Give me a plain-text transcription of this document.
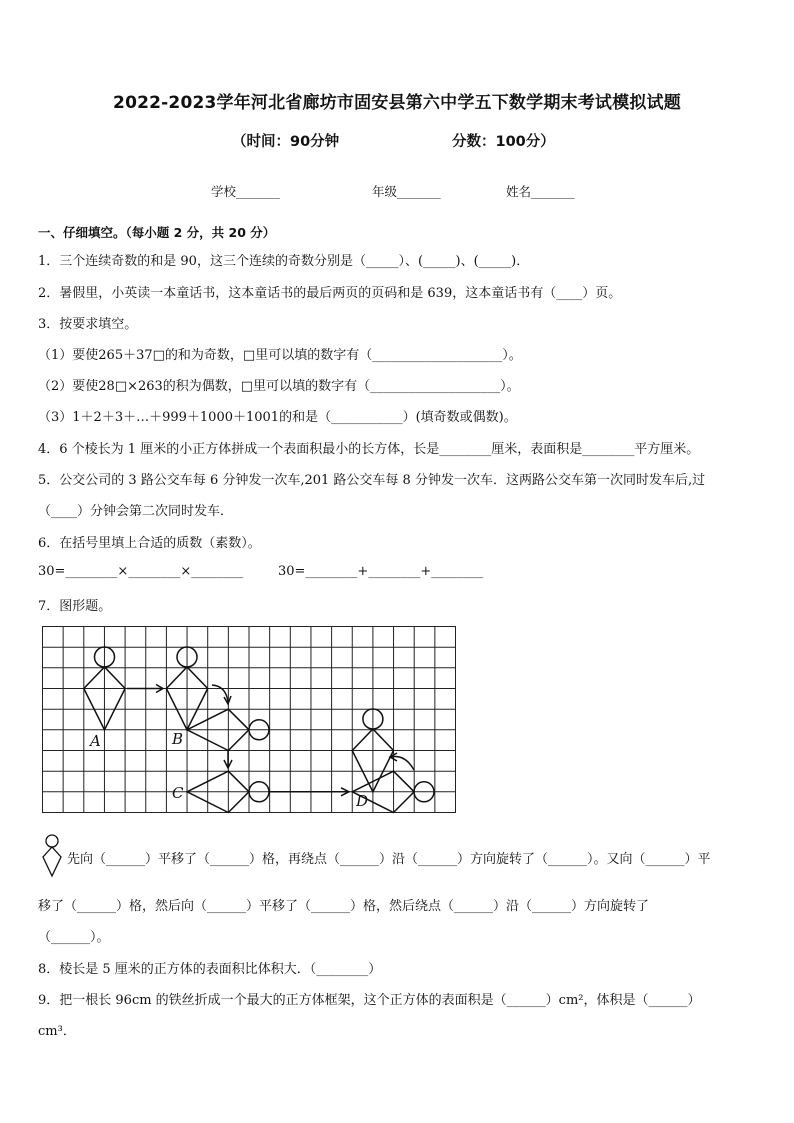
2022-2023学年河北省廊坊市固安县第六中学五下数学期末考试模拟试题
（时间：90分钟	分数：100分）
学校_______	年级_______	姓名_______
一、仔细填空。（每小题 2 分，共 20 分）
1．三个连续奇数的和是 90，这三个连续的奇数分别是（_____）、(_____)、(_____)．
2．暑假里，小英读一本童话书，这本童话书的最后两页的页码和是 639，这本童话书有（____）页。
3．按要求填空。
（1）要使265＋37□的和为奇数，□里可以填的数字有（____________________）。
（2）要使28□×263的积为偶数，□里可以填的数字有（____________________）。
（3）1＋2＋3＋…＋999＋1000＋1001的和是（___________）(填奇数或偶数)。
4．6 个棱长为 1 厘米的小正方体拼成一个表面积最小的长方体，长是________厘米，表面积是________平方厘米。
5．公交公司的 3 路公交车每 6 分钟发一次车,201 路公交车每 8 分钟发一次车．这两路公交车第一次同时发车后,过
（____）分钟会第二次同时发车．
6．在括号里填上合适的质数（素数）。
30=________×________×________	30=________+________+________
7．图形题。
A	B
C	D
先向（______）平移了（______）格，再绕点（______）沿（______）方向旋转了（______）。又向（______）平
移了（______）格，然后向（______）平移了（______）格，然后绕点（______）沿（______）方向旋转了
（______）。
8．棱长是 5 厘米的正方体的表面积比体积大．（________）
9．把一根长 96cm 的铁丝折成一个最大的正方体框架，这个正方体的表面积是（______）cm²，体积是（______）
cm³．
